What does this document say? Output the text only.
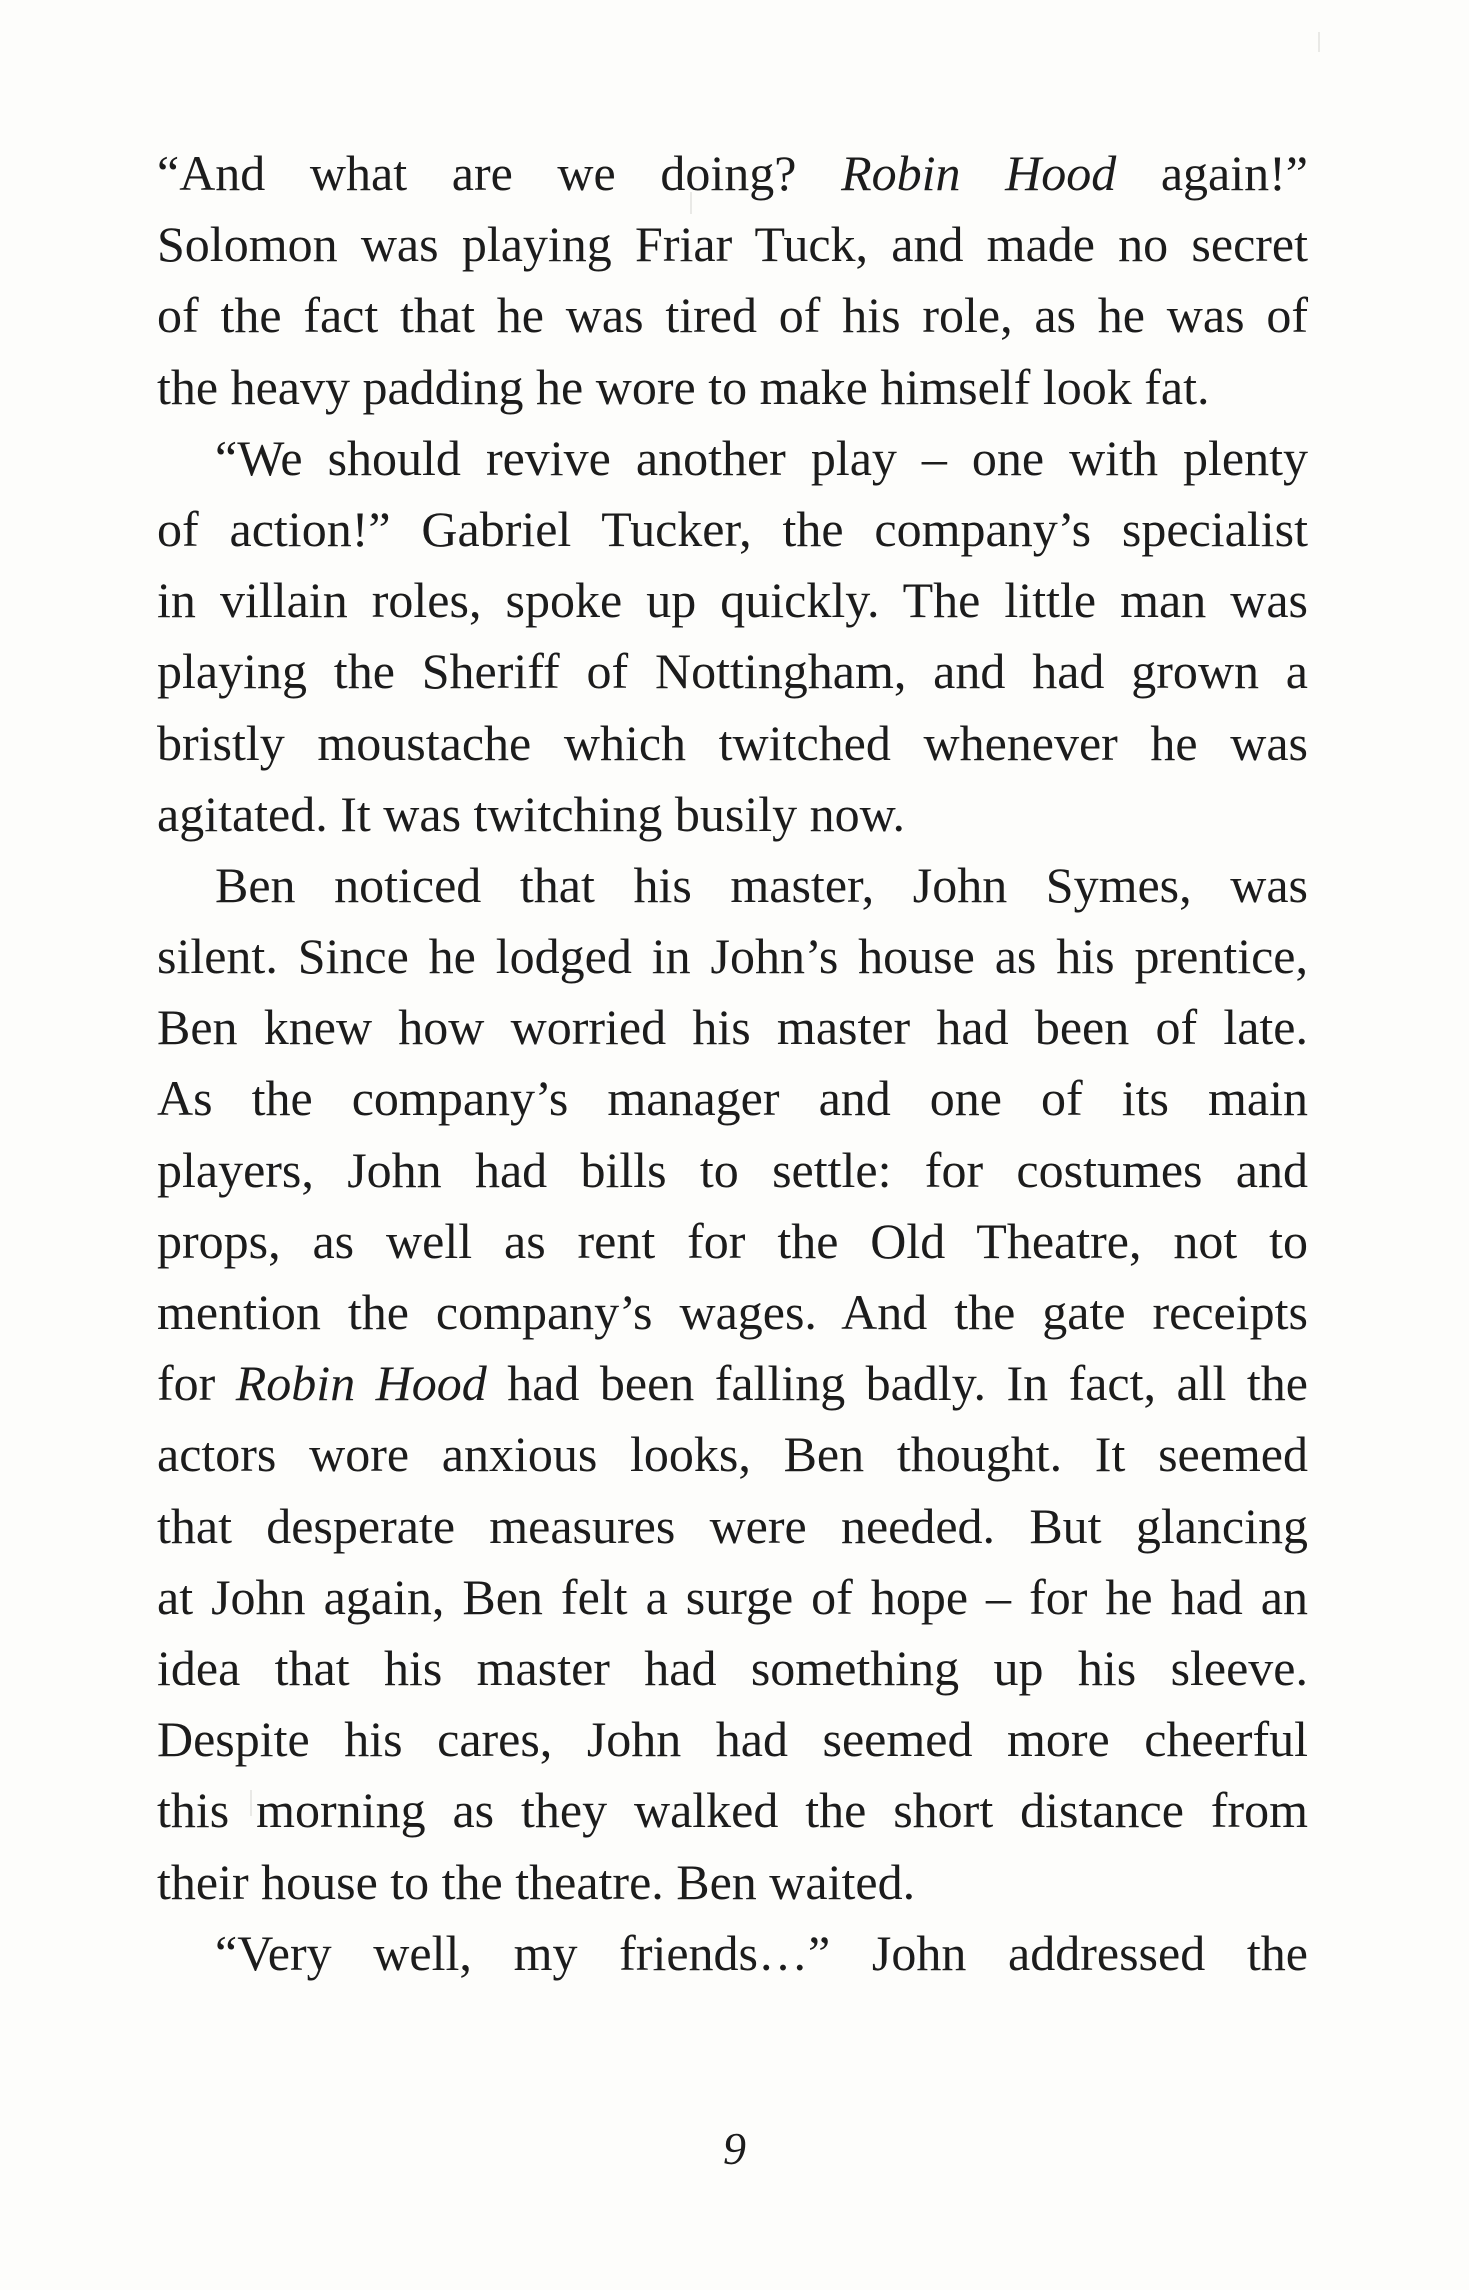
“And what are we doing? Robin Hood again!”
Solomon was playing Friar Tuck, and made no secret
of the fact that he was tired of his role, as he was of
the heavy padding he wore to make himself look fat.
“We should revive another play – one with plenty
of action!” Gabriel Tucker, the company’s specialist
in villain roles, spoke up quickly. The little man was
playing the Sheriff of Nottingham, and had grown a
bristly moustache which twitched whenever he was
agitated. It was twitching busily now.
Ben noticed that his master, John Symes, was
silent. Since he lodged in John’s house as his prentice,
Ben knew how worried his master had been of late.
As the company’s manager and one of its main
players, John had bills to settle: for costumes and
props, as well as rent for the Old Theatre, not to
mention the company’s wages. And the gate receipts
for Robin Hood had been falling badly. In fact, all the
actors wore anxious looks, Ben thought. It seemed
that desperate measures were needed. But glancing
at John again, Ben felt a surge of hope – for he had an
idea that his master had something up his sleeve.
Despite his cares, John had seemed more cheerful
this morning as they walked the short distance from
their house to the theatre. Ben waited.
“Very well, my friends…” John addressed the
9
